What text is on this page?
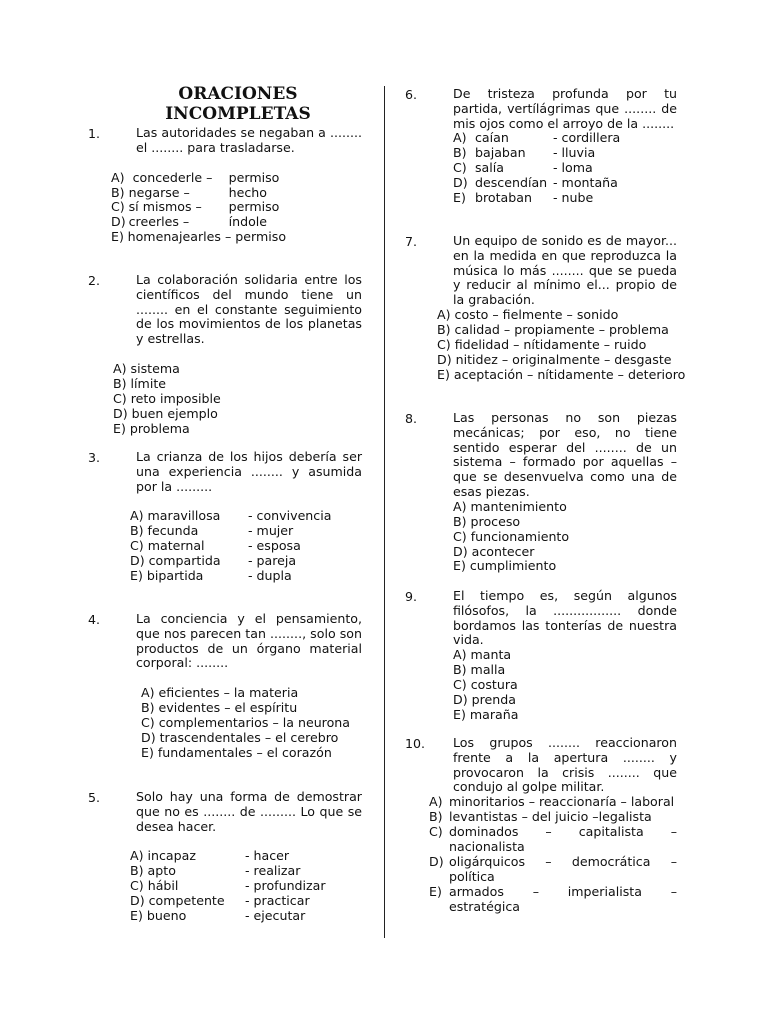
ORACIONES
INCOMPLETAS
1.	Las autoridades se negaban a ........ el ........ para trasladarse.

A)	concederle –	permiso
B)	negarse –	hecho
C)	sí mismos –	permiso
D)	creerles –	índole
E)	homenajearles – permiso	
2.	La colaboración solidaria entre los científicos del mundo tiene un ........ en el constante seguimiento de los movimientos de los planetas y estrellas.

A) sistema
B) límite
C) reto imposible
D) buen ejemplo
E) problema
3.	La crianza de los hijos debería ser una experiencia ........ y asumida por la .........

A) maravillosa	- convivencia
B) fecunda	- mujer
C) maternal	- esposa
D) compartida	- pareja
E) bipartida	- dupla
4.	La conciencia y el pensamiento, que nos parecen tan ........, solo son productos de un órgano material corporal: ........

A) eficientes – la materia
B) evidentes – el espíritu
C) complementarios – la neurona
D) trascendentales – el cerebro
E) fundamentales – el corazón
5.	Solo hay una forma de demostrar que no es ........ de ......... Lo que se desea hacer.

A) incapaz	- hacer
B) apto	- realizar
C) hábil	- profundizar
D) competente	- practicar
E) bueno	- ejecutar
6.	De tristeza profunda por tu partida, vertílágrimas que ........ de mis ojos como el arroyo de la ........

A)	caían	- cordillera
B)	bajaban	- lluvia
C)	salía	- loma
D)	descendían	- montaña
E)	brotaban	- nube
7.	Un equipo de sonido es de mayor... en la medida en que reproduzca la música lo más ........ que se pueda y reducir al mínimo el... propio de la grabación.

A) costo – fielmente – sonido
B) calidad – propiamente – problema
C) fidelidad – nítidamente – ruido
D) nitidez – originalmente – desgaste
E) aceptación – nítidamente – deterioro
8.	Las personas no son piezas mecánicas; por eso, no tiene sentido esperar del ........ de un sistema – formado por aquellas –que se desenvuelva como una de esas piezas.

A) mantenimiento
B) proceso
C) funcionamiento
D) acontecer
E) cumplimiento
9.	El tiempo es, según algunos filósofos, la ................. donde bordamos las tonterías de nuestra vida.

A) manta
B) malla
C) costura
D) prenda
E) maraña
10. Los grupos ........ reaccionaron frente a la apertura ........ y provocaron la crisis ........ que condujo al golpe militar.

A) minoritarios – reaccionaría – laboral
B) levantistas – del juicio –legalista
C) dominados – capitalista – nacionalista
D) oligárquicos – democrática – política
E) armados – imperialista – estratégica
